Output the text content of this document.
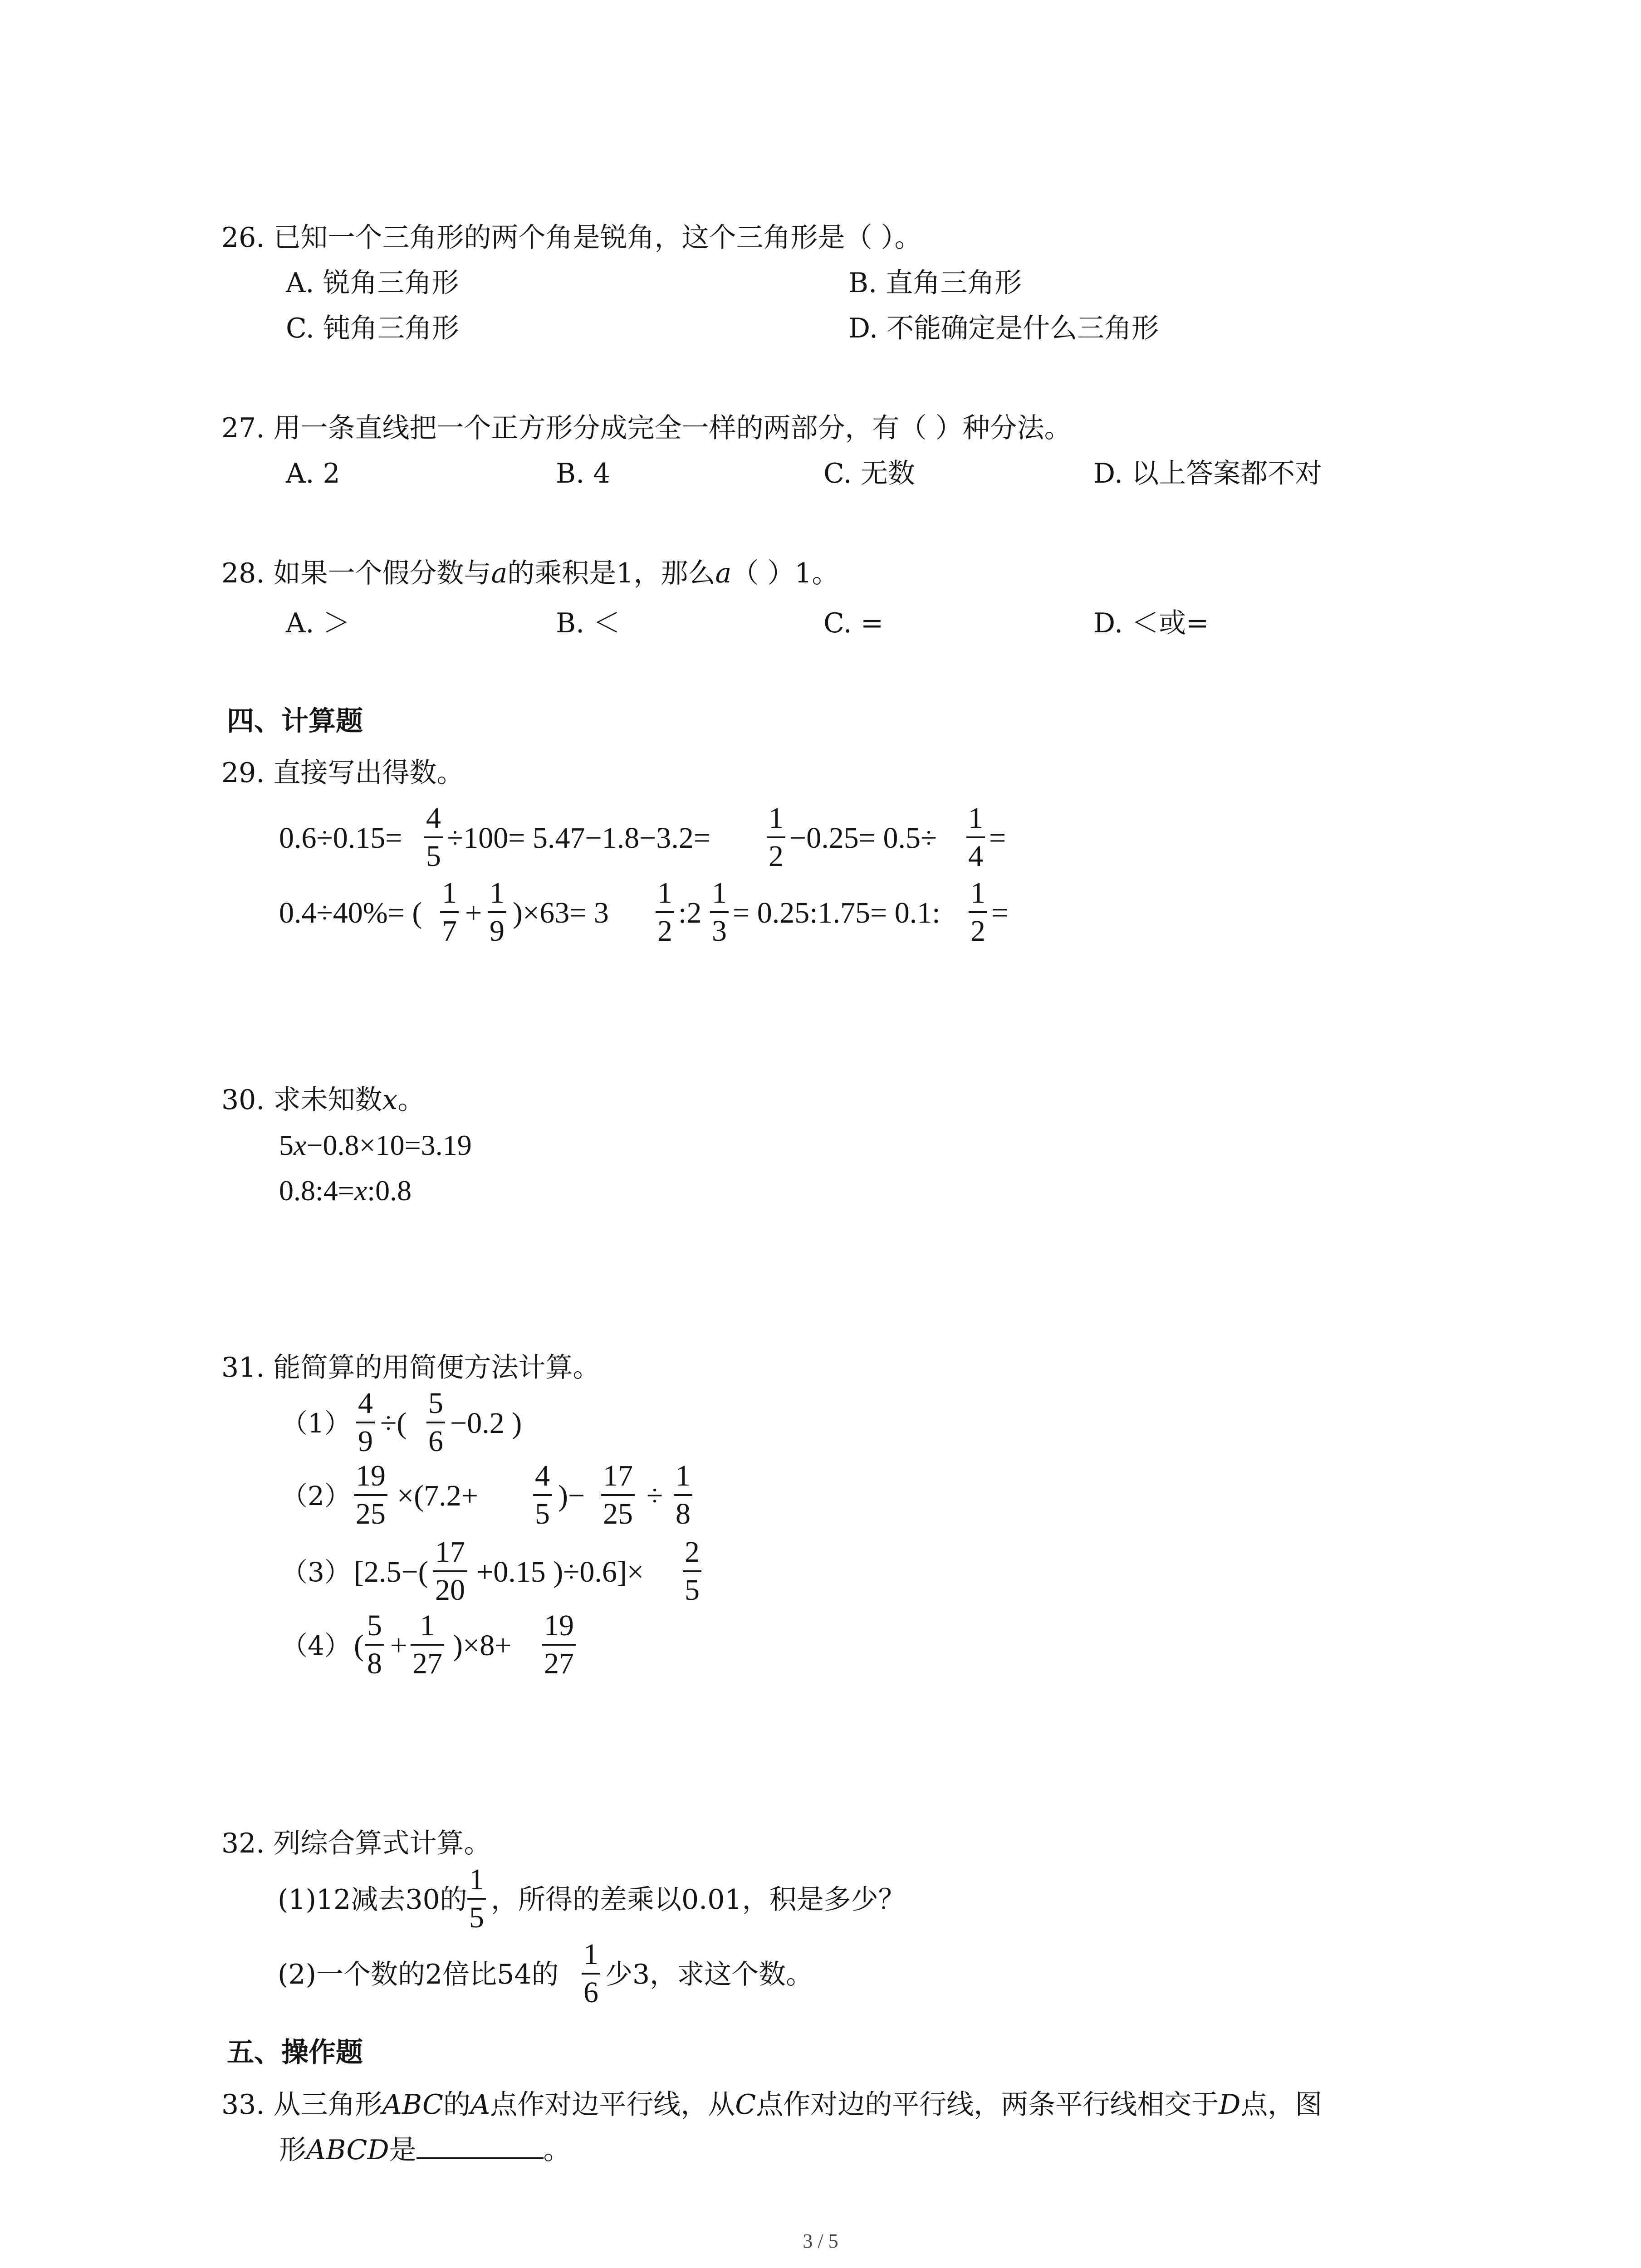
26. 已知一个三角形的两个角是锐角，这个三角形是（ ）。
A. 锐角三角形	B. 直角三角形
C. 钝角三角形	D. 不能确定是什么三角形
27. 用一条直线把一个正方形分成完全一样的两部分，有（ ）种分法。
A. 2	B. 4	C. 无数	D. 以上答案都不对
28. 如果一个假分数与a的乘积是1，那么a（ ）1。
A. ＞	B. ＜	C. =	D. ＜或=
四、计算题
29. 直接写出得数。
0.6÷0.15=
4
5
÷100= 5.47−1.8−3.2=
1
2
−0.25= 0.5÷
1
4
=
0.4÷40%= (
1
7
+
1
9
)×63= 3
1
2
:2
1
3
= 0.25:1.75= 0.1:
1
2
=
30. 求未知数x。
5x−0.8×10=3.19
0.8:4=x:0.8
31. 能简算的用简便方法计算。
（1）
4
9
÷(
5
6
−0.2 )
（2）
19
25
×(7.2+
4
5
)−
17
25
÷
1
8
（3） [2.5−(
17
20
+0.15 )÷0.6]×
2
5
（4） (
5
8
+
1
27
)×8+
19
27
32. 列综合算式计算。
(1)12减去30的
1
5
，所得的差乘以0.01，积是多少？
(2)一个数的2倍比54的
1
6
少3，求这个数。
五、操作题
33. 从三角形ABC的A点作对边平行线，从C点作对边的平行线，两条平行线相交于D点，图
形ABCD是	。
3 / 5
